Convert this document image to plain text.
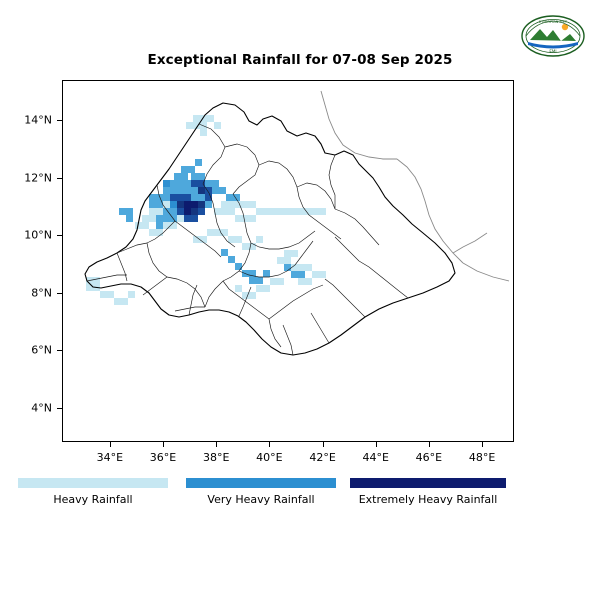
Exceptional Rainfall for 07-08 Sep 2025
ETHIOPIAN MET
EMI
4°N
6°N
8°N
10°N
12°N
14°N
34°E 36°E 38°E 40°E 42°E 44°E 46°E 48°E
Heavy Rainfall	Very Heavy Rainfall	Extremely Heavy Rainfall
